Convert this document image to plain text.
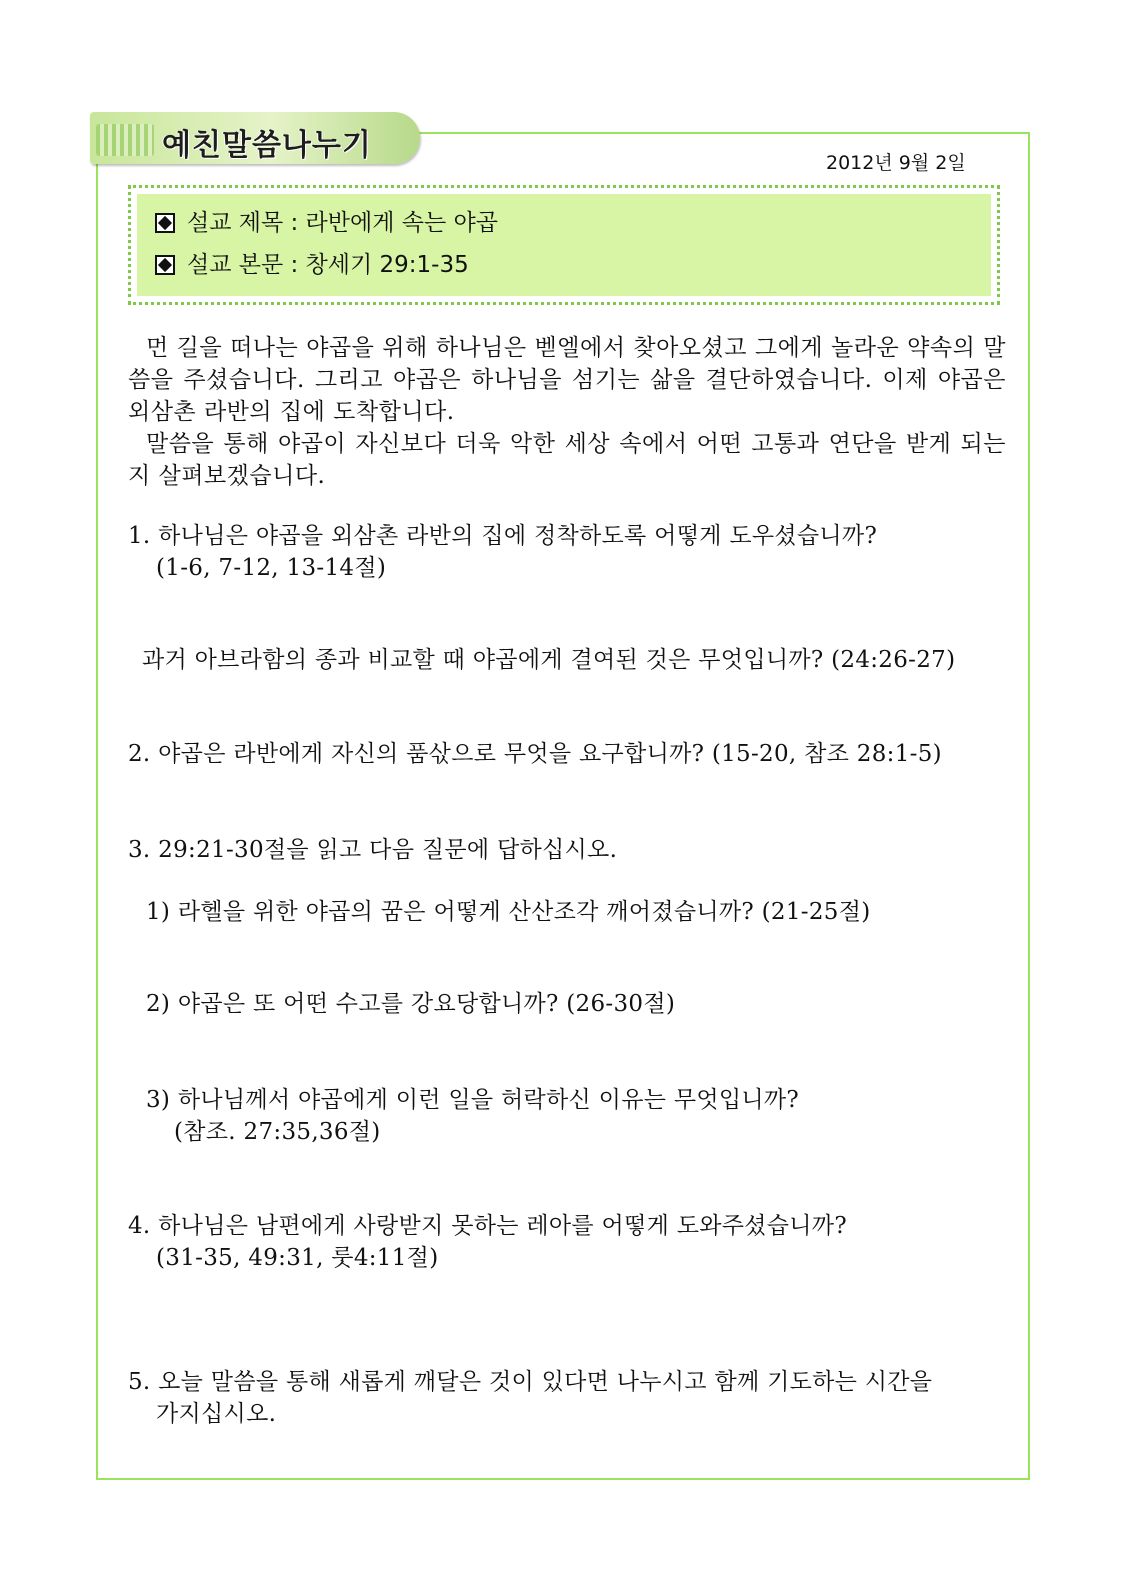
예친말씀나누기	2012년 9월 2일
설교 제목 : 라반에게 속는 야곱
설교 본문 : 창세기 29:1-35

먼 길을 떠나는 야곱을 위해 하나님은 벧엘에서 찾아오셨고 그에게 놀라운 약속의 말씀을 주셨습니다. 그리고 야곱은 하나님을 섬기는 삶을 결단하였습니다. 이제 야곱은 외삼촌 라반의 집에 도착합니다.

말씀을 통해 야곱이 자신보다 더욱 악한 세상 속에서 어떤 고통과 연단을 받게 되는지 살펴보겠습니다.

1. 하나님은 야곱을 외삼촌 라반의 집에 정착하도록 어떻게 도우셨습니까?
(1-6, 7-12, 13-14절)
과거 아브라함의 종과 비교할 때 야곱에게 결여된 것은 무엇입니까? (24:26-27)
2. 야곱은 라반에게 자신의 품삯으로 무엇을 요구합니까? (15-20, 참조 28:1-5)
3. 29:21-30절을 읽고 다음 질문에 답하십시오.
1) 라헬을 위한 야곱의 꿈은 어떻게 산산조각 깨어졌습니까? (21-25절)
2) 야곱은 또 어떤 수고를 강요당합니까? (26-30절)
3) 하나님께서 야곱에게 이런 일을 허락하신 이유는 무엇입니까?
(참조. 27:35,36절)
4. 하나님은 남편에게 사랑받지 못하는 레아를 어떻게 도와주셨습니까?
(31-35, 49:31, 룻4:11절)
5. 오늘 말씀을 통해 새롭게 깨달은 것이 있다면 나누시고 함께 기도하는 시간을
가지십시오.
